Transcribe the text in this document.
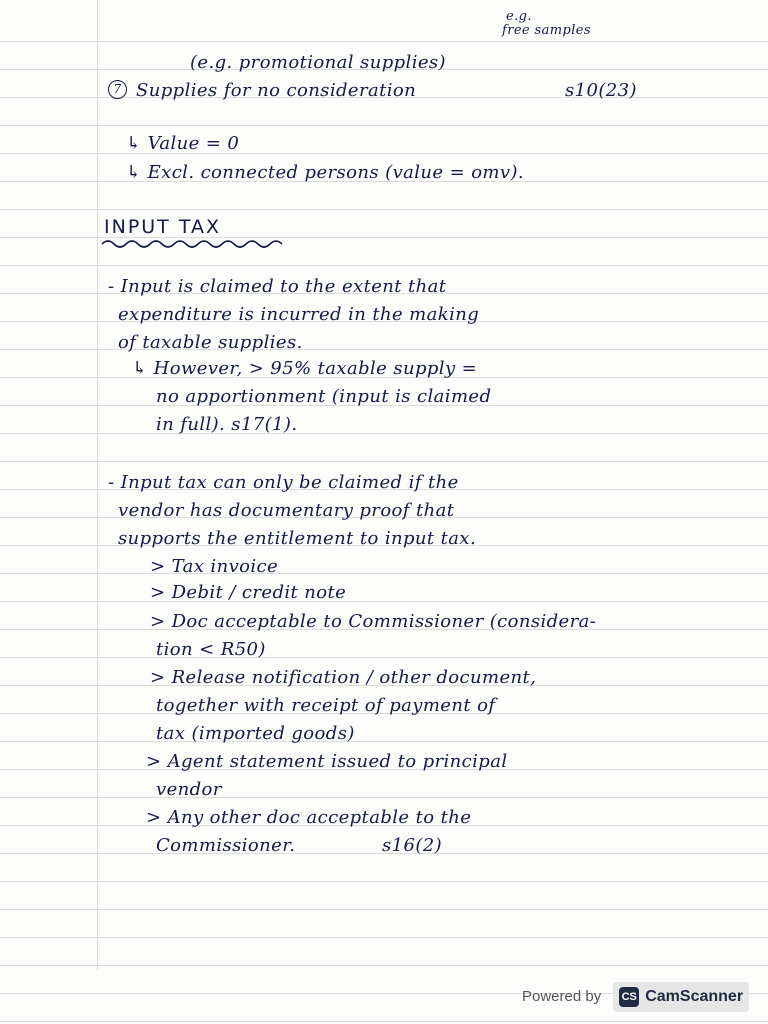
e.g.

free samples

(e.g. promotional supplies)

7 Supplies for no consideration	s10(23)

↳ Value = 0

↳ Excl. connected persons (value = omv).

INPUT TAX

- Input is claimed to the extent that

expenditure is incurred in the making

of taxable supplies.

↳ However, > 95% taxable supply =

no apportionment (input is claimed

in full). s17(1).

- Input tax can only be claimed if the

vendor has documentary proof that

supports the entitlement to input tax.

> Tax invoice

> Debit / credit note

> Doc acceptable to Commissioner (considera-

tion < R50)

> Release notification / other document,

together with receipt of payment of

tax (imported goods)

> Agent statement issued to principal

vendor

> Any other doc acceptable to the

Commissioner.	s16(2)

Powered by CS CamScanner
